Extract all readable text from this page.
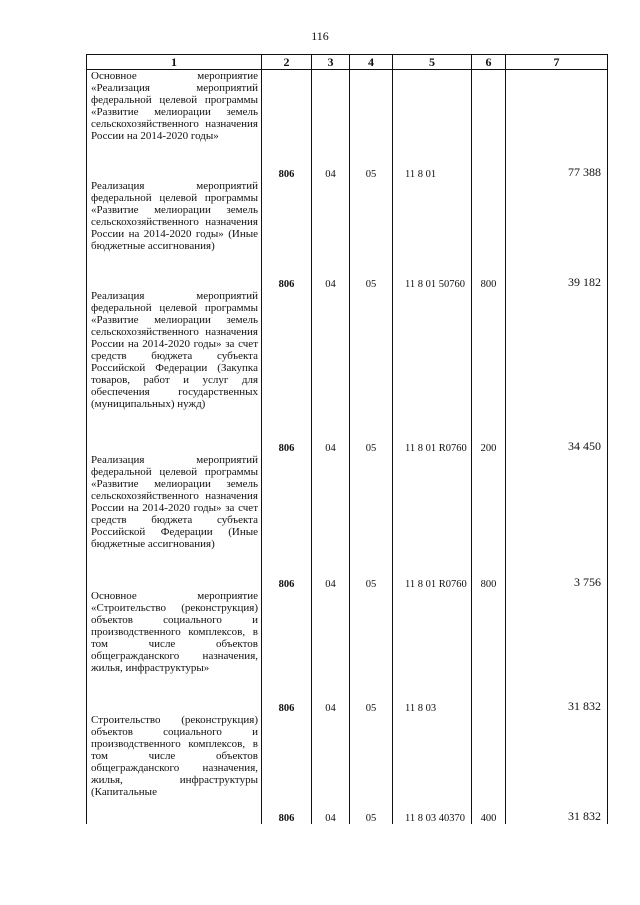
116
1	2	3	4	5	6	7
Основное мероприятие «Реализация мероприятий федеральной целевой программы «Развитие мелиорации земель сельскохозяйственного назначения России на 2014-2020 годы»	806	04	05	11 8 01		77 388
Реализация мероприятий федеральной целевой программы «Развитие мелиорации земель сельскохозяйственного назначения России на 2014-2020 годы» (Иные бюджетные ассигнования)	806	04	05	11 8 01 50760	800	39 182
Реализация мероприятий федеральной целевой программы «Развитие мелиорации земель сельскохозяйственного назначения России на 2014-2020 годы» за счет средств бюджета субъекта Российской Федерации (Закупка товаров, работ и услуг для обеспечения государственных (муниципальных) нужд)	806	04	05	11 8 01 R0760	200	34 450
Реализация мероприятий федеральной целевой программы «Развитие мелиорации земель сельскохозяйственного назначения России на 2014-2020 годы» за счет средств бюджета субъекта Российской Федерации (Иные бюджетные ассигнования)	806	04	05	11 8 01 R0760	800	3 756
Основное мероприятие «Строительство (реконструкция) объектов социального и производственного комплексов, в том числе объектов общегражданского назначения, жилья, инфраструктуры»	806	04	05	11 8 03		31 832
Строительство (реконструкция) объектов социального и производственного комплексов, в том числе объектов общегражданского назначения, жилья, инфраструктуры (Капитальные	806	04	05	11 8 03 40370	400	31 832
